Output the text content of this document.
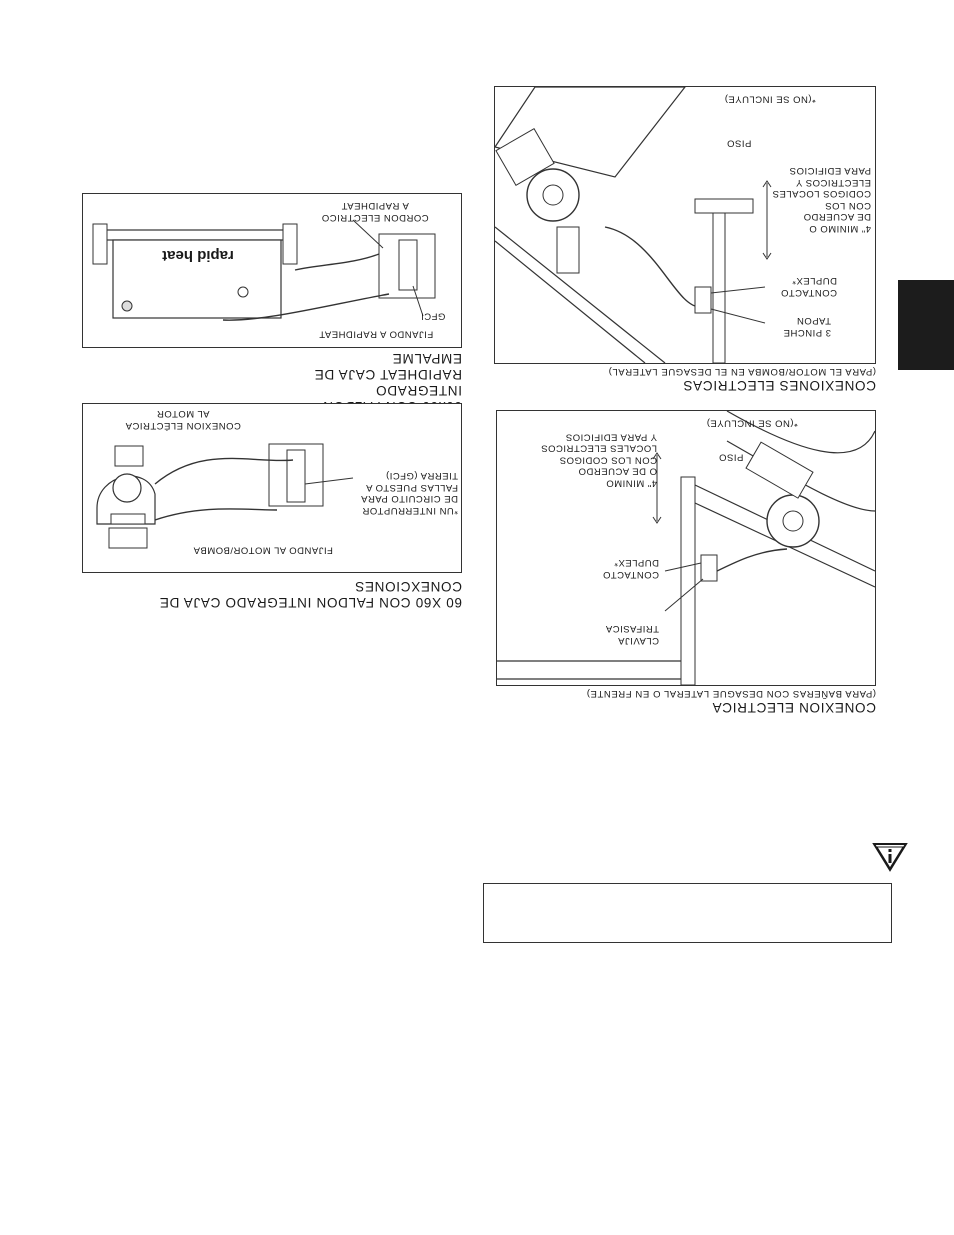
rapid heat
CORDON ELECTRICO
A RAPIDHEAT
GFCI
FIJANDO A RAPIDHEAT
INTEGRADO
RAPIDHEAT CAJA DE EMPALME
CONEXION ELÉCTRICA
AL MOTOR
*UN INTERRUPTOR
DE CIRCUITO PARA
FALLAS PUESTO A
TIERRA (GFCI)
FIJANDO AL MOTOR/BOMBA
60 X60 CON FALDON INTEGRADO CAJA DE CONEXCIONES
*(NO SE INCLUYE)
PISO
4" MINIMO O
DE ACUERDO
CON LOS
CODIGOS LOCALES
ELECTRICOS Y
PARA EDIFICIOS
CONTACTO
DUPLEX*
3 PINCHE
TAPON
CONEXIONES ELECTRICAS
(PARA EL MOTOR/BOMBA EN EL DESAGUE LATERAL)
*(NO SE INCLUYE)
PISO
4" MINIMO
O DE ACUERDO
CON LOS CODIGOS
LOCALES ELECTRICOS
Y PARA EDIFICIOS
CONTACTO
DUPLEX*
CLAVIJA
TRIFASICA
CONEXION ELECTRICA
(PARA BAÑERAS CON DESAGUE LATERAL O EN FRENTE)
